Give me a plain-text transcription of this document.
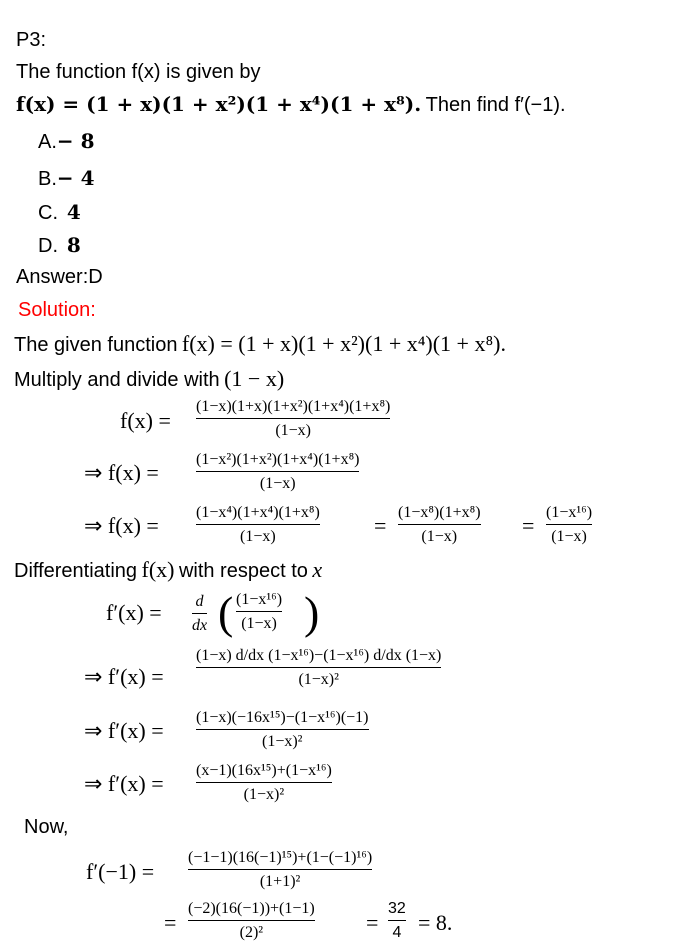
P3:
The function f(x) is given by
f(x) = (1 + x)(1 + x²)(1 + x⁴)(1 + x⁸). Then find f′(−1).
A.− 8
B.− 4
C. 4
D. 8
Answer:D
Solution:
The given function f(x) = (1 + x)(1 + x²)(1 + x⁴)(1 + x⁸).
Multiply and divide with (1 − x)
f(x) =
(1−x)(1+x)(1+x²)(1+x⁴)(1+x⁸)
(1−x)
⇒ f(x) =
(1−x²)(1+x²)(1+x⁴)(1+x⁸)
(1−x)
⇒ f(x) =
(1−x⁴)(1+x⁴)(1+x⁸)
(1−x)	=
(1−x⁸)(1+x⁸)
(1−x)	=
(1−x¹⁶)
(1−x)
Differentiating f(x) with respect to x
f′(x) = d
dx ( (1−x¹⁶)
(1−x) )
⇒ f′(x) =
(1−x) d/dx (1−x¹⁶)−(1−x¹⁶) d/dx (1−x)
(1−x)²
⇒ f′(x) =
(1−x)(−16x¹⁵)−(1−x¹⁶)(−1)
(1−x)²
⇒ f′(x) =
(x−1)(16x¹⁵)+(1−x¹⁶)
(1−x)²
Now,
f′(−1) =
(−1−1)(16(−1)¹⁵)+(1−(−1)¹⁶)
(1+1)²
=
(−2)(16(−1))+(1−1)
(2)²	=
32
4 = 8.
